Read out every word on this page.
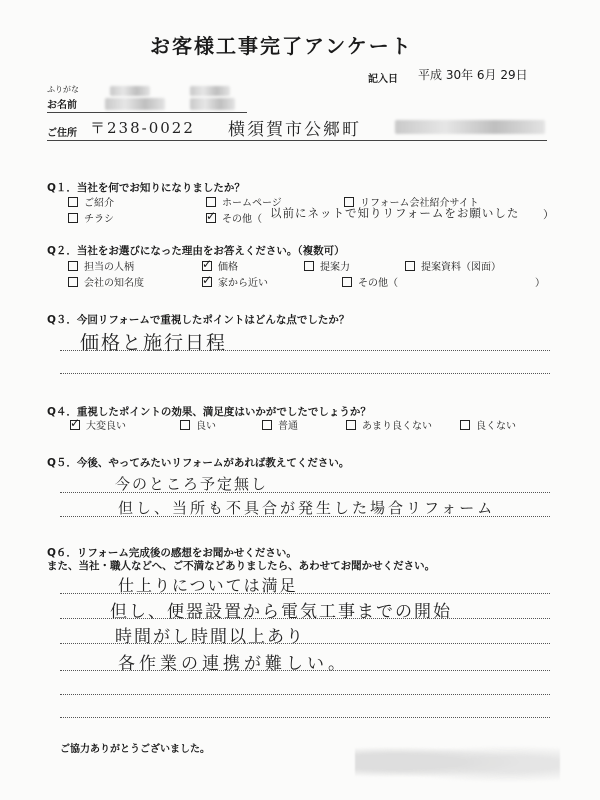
お客様工事完了アンケート
記入日 平成 30年 6月 29日
ふりがな
お名前
ご住所 〒238-0022 横須賀市公郷町
Q１．当社を何でお知りになりましたか？
ご紹介	ホームページ	リフォーム会社紹介サイト
チラシ ✓	その他（ 以前にネットで知りリフォームをお願いした ）
Q２．当社をお選びになった理由をお答えください。（複数可）
担当の人柄 ✓	価格	提案力	提案資料（図面）
会社の知名度 ✓	家から近い	その他（	）
Q３．今回リフォームで重視したポイントはどんな点でしたか？
価格と施行日程
Q４．重視したポイントの効果、満足度はいかがでしたでしょうか？
✓大変良い	良い	普通	あまり良くない	良くない
Q５．今後、やってみたいリフォームがあれば教えてください。
今のところ予定無し
但し、当所も不具合が発生した場合リフォーム
Q６．リフォーム完成後の感想をお聞かせください。
また、当社・職人などへ、ご不満などありましたら、あわせてお聞かせください。
仕上りについては満足
但し、便器設置から電気工事までの開始
時間がし時間以上あり
各作業の連携が難しい。
ご協力ありがとうございました。
